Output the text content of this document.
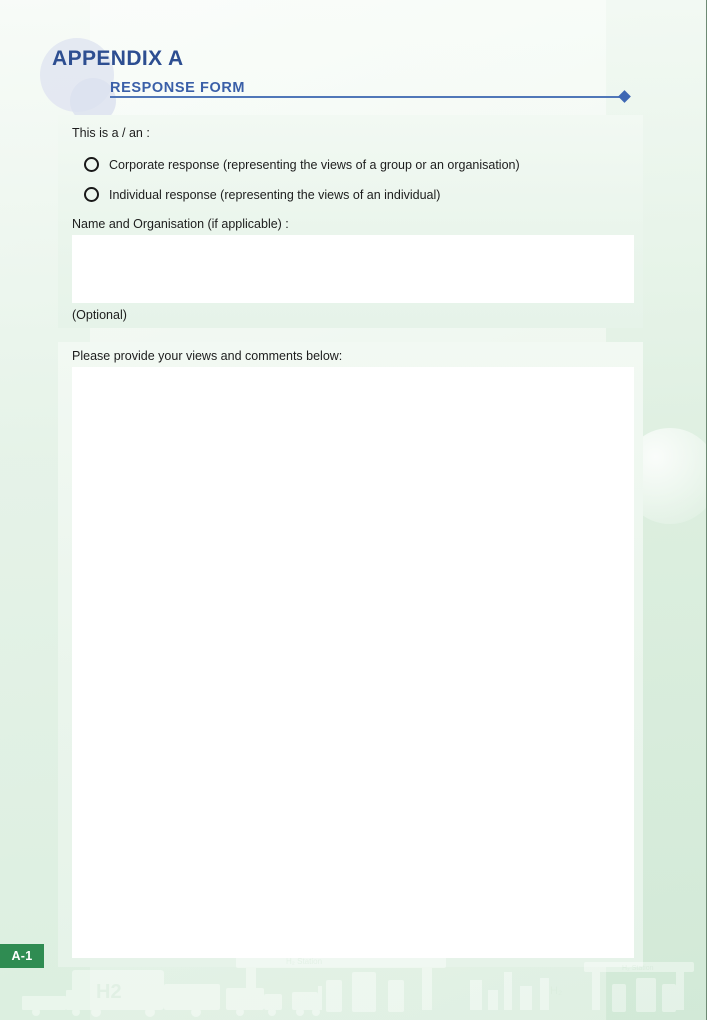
APPENDIX A
RESPONSE FORM
This is a / an :
Corporate response (representing the views of a group or an organisation)
Individual response (representing the views of an individual)
Name and Organisation (if applicable) :
(Optional)
Please provide your views and comments below:
A-1	H₂ Station
H₂ Station
H2	H₂
